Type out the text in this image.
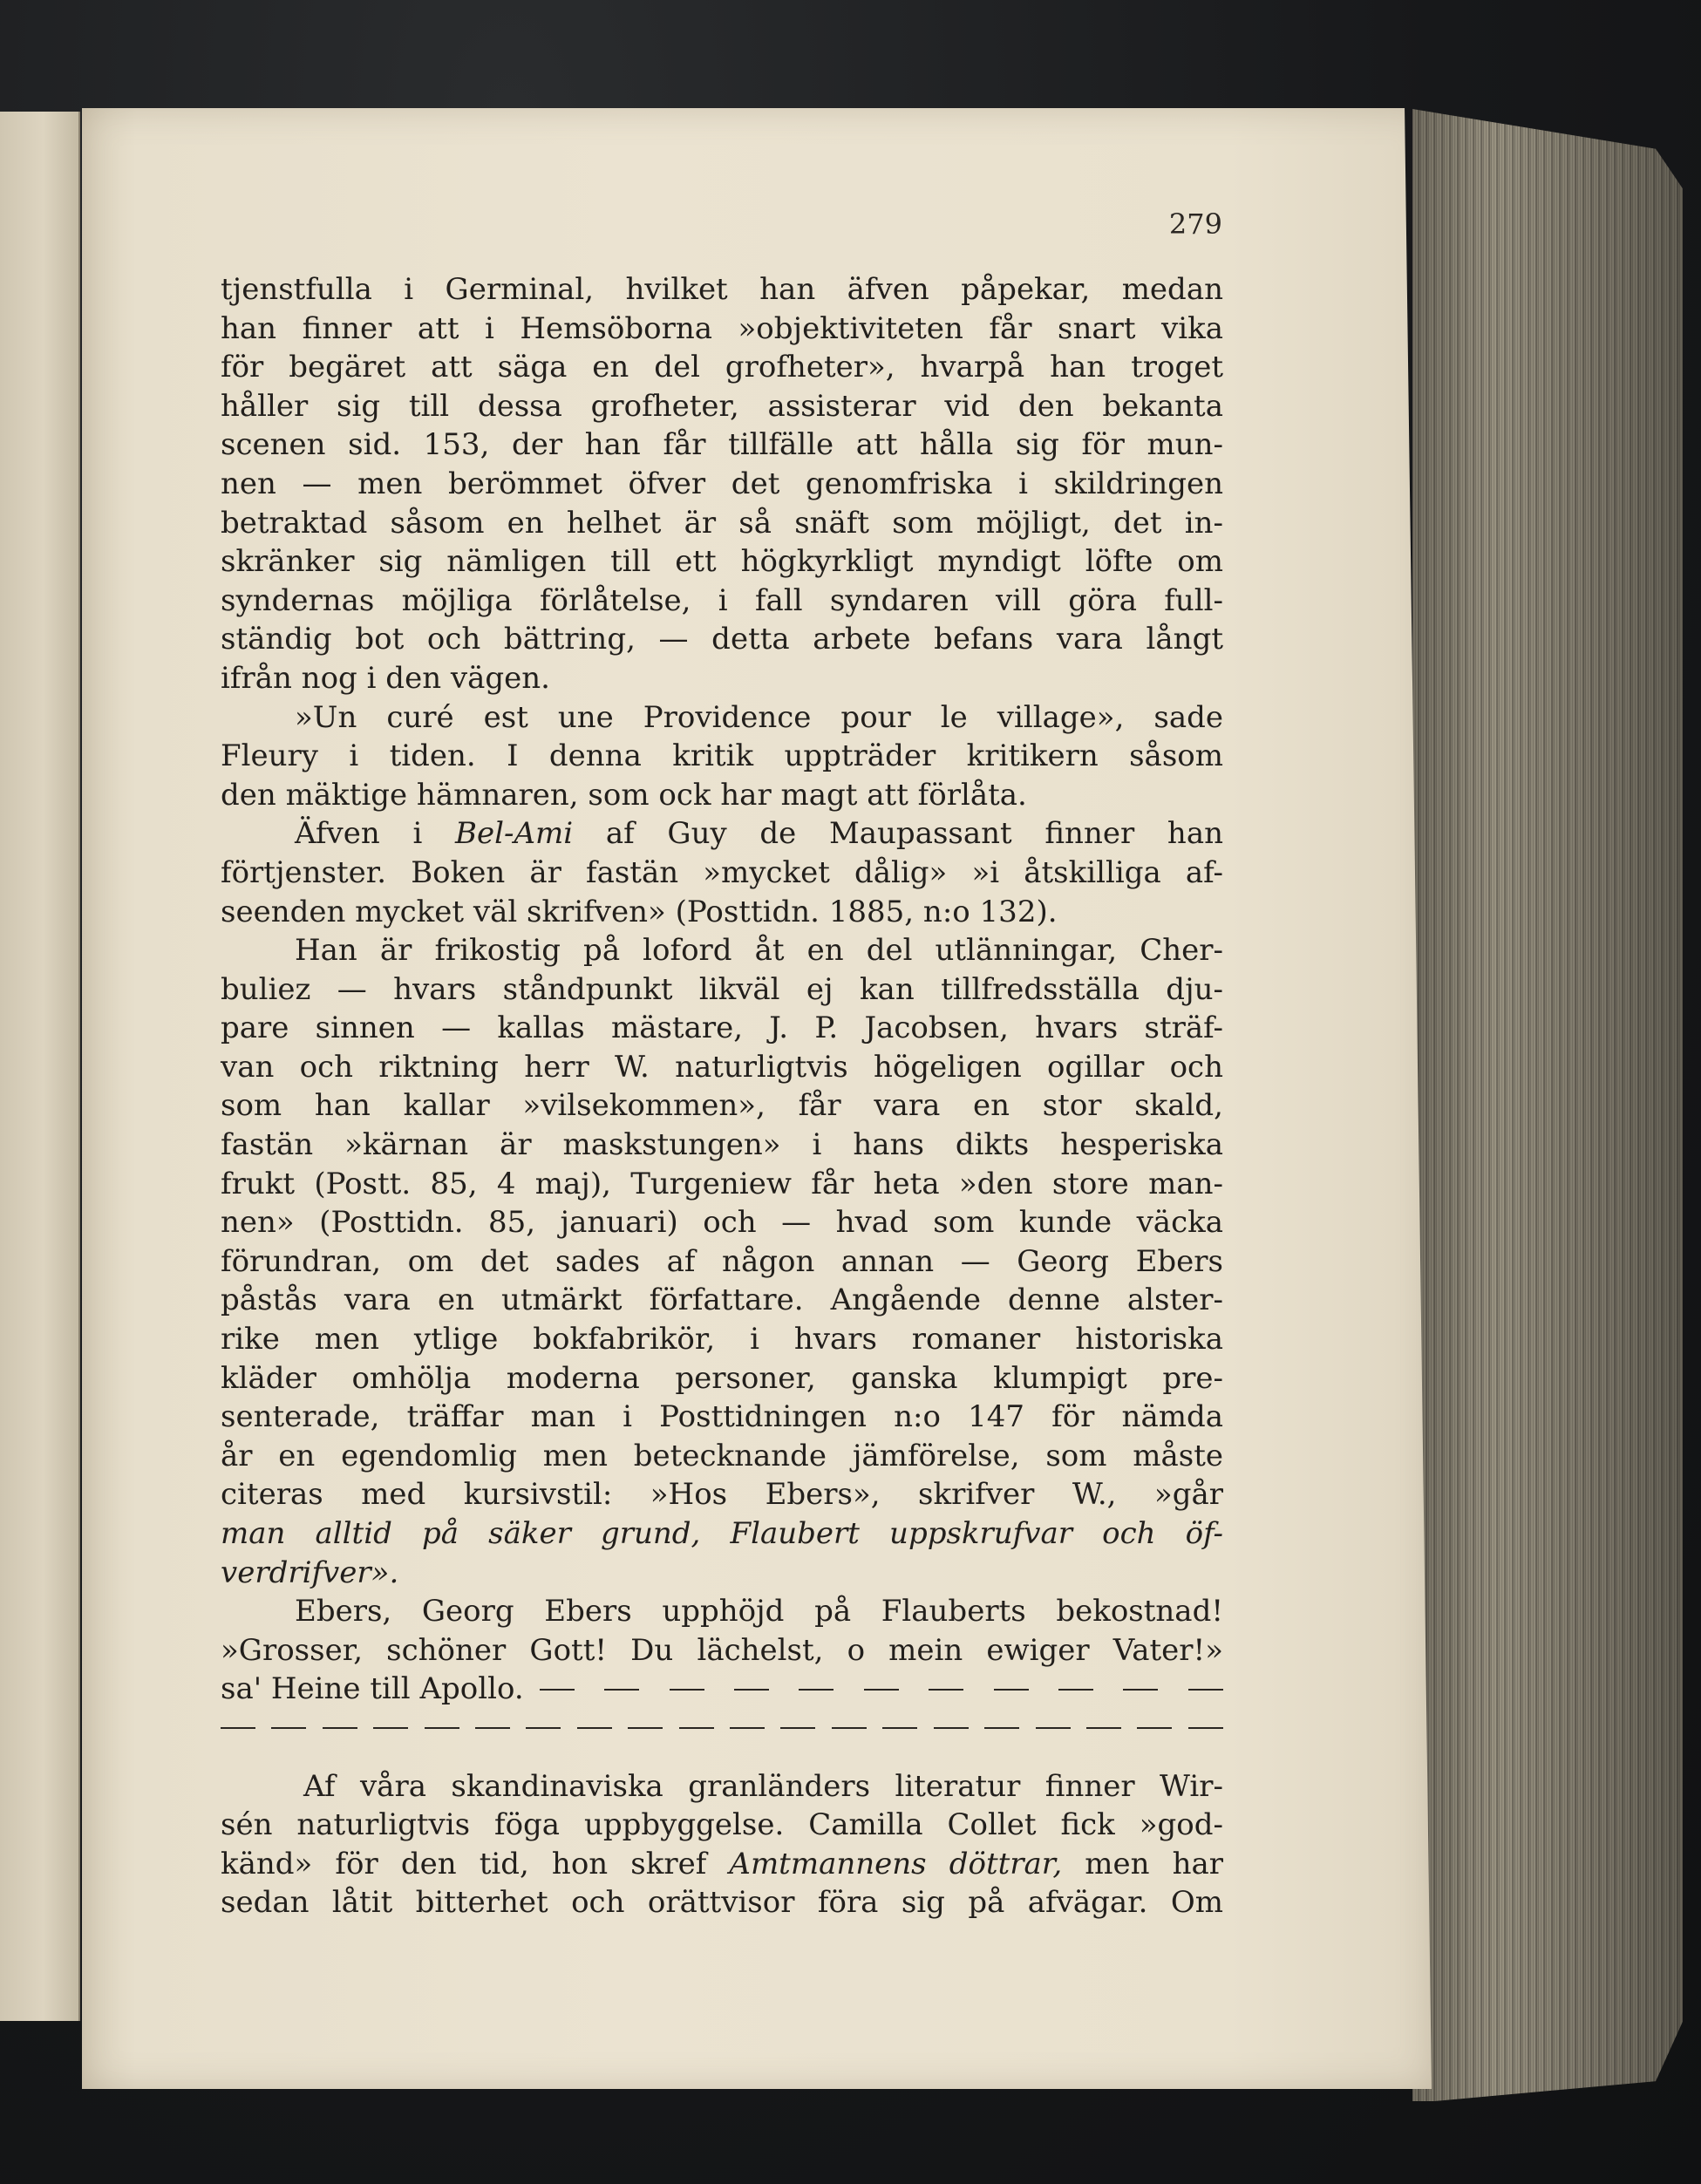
279
tjenstfulla i Germinal, hvilket han äfven påpekar, medan
han finner att i Hemsöborna »objektiviteten får snart vika
för begäret att säga en del grofheter», hvarpå han troget
håller sig till dessa grofheter, assisterar vid den bekanta
scenen sid. 153, der han får tillfälle att hålla sig för mun-
nen — men berömmet öfver det genomfriska i skildringen
betraktad såsom en helhet är så snäft som möjligt, det in-
skränker sig nämligen till ett högkyrkligt myndigt löfte om
syndernas möjliga förlåtelse, i fall syndaren vill göra full-
ständig bot och bättring, — detta arbete befans vara långt
ifrån nog i den vägen.
»Un curé est une Providence pour le village», sade
Fleury i tiden. I denna kritik uppträder kritikern såsom
den mäktige hämnaren, som ock har magt att förlåta.
Äfven i Bel-Ami af Guy de Maupassant finner han
förtjenster. Boken är fastän »mycket dålig» »i åtskilliga af-
seenden mycket väl skrifven» (Posttidn. 1885, n:o 132).
Han är frikostig på loford åt en del utlänningar, Cher-
buliez — hvars ståndpunkt likväl ej kan tillfredsställa dju-
pare sinnen — kallas mästare, J. P. Jacobsen, hvars sträf-
van och riktning herr W. naturligtvis högeligen ogillar och
som han kallar »vilsekommen», får vara en stor skald,
fastän »kärnan är maskstungen» i hans dikts hesperiska
frukt (Postt. 85, 4 maj), Turgeniew får heta »den store man-
nen» (Posttidn. 85, januari) och — hvad som kunde väcka
förundran, om det sades af någon annan — Georg Ebers
påstås vara en utmärkt författare. Angående denne alster-
rike men ytlige bokfabrikör, i hvars romaner historiska
kläder omhölja moderna personer, ganska klumpigt pre-
senterade, träffar man i Posttidningen n:o 147 för nämda
år en egendomlig men betecknande jämförelse, som måste
citeras med kursivstil: »Hos Ebers», skrifver W., »går
man alltid på säker grund, Flaubert uppskrufvar och öf-
verdrifver».
Ebers, Georg Ebers upphöjd på Flauberts bekostnad!
»Grosser, schöner Gott! Du lächelst, o mein ewiger Vater!»
sa' Heine till Apollo.
Af våra skandinaviska granländers literatur finner Wir-
sén naturligtvis föga uppbyggelse. Camilla Collet fick »god-
känd» för den tid, hon skref Amtmannens döttrar, men har
sedan låtit bitterhet och orättvisor föra sig på afvägar. Om
